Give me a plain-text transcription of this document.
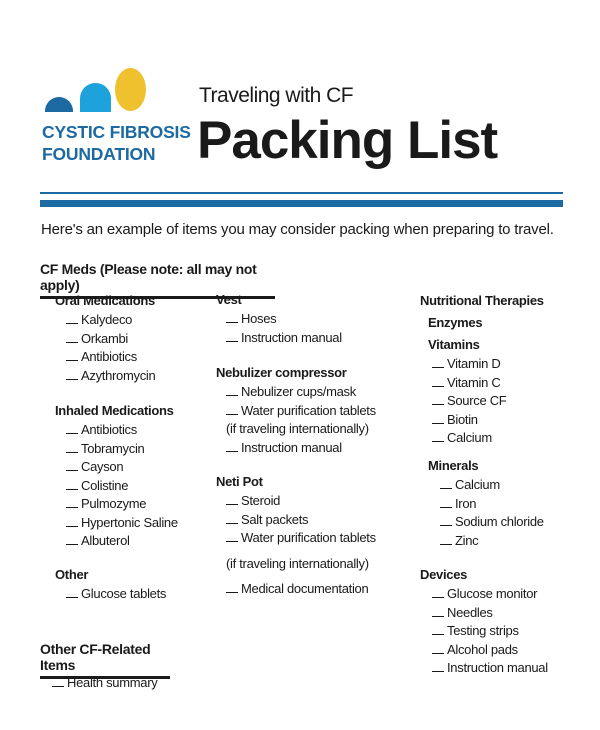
CYSTIC FIBROSIS
FOUNDATION
Traveling with CF
Packing List
Here's an example of items you may consider packing when preparing to travel.
CF Meds (Please note: all may not apply)
Other CF-Related Items
Oral Medications
Kalydeco
Orkambi
Antibiotics
Azythromycin
Inhaled Medications
Antibiotics
Tobramycin
Cayson
Colistine
Pulmozyme
Hypertonic Saline
Albuterol
Other
Glucose tablets
Health summary
Vest
Hoses
Instruction manual
Nebulizer compressor
Nebulizer cups/mask
Water purification tablets
(if traveling internationally)
Instruction manual
Neti Pot
Steroid
Salt packets
Water purification tablets
(if traveling internationally)
Medical documentation
Nutritional Therapies
Enzymes
Vitamins
Vitamin D
Vitamin C
Source CF
Biotin
Calcium
Minerals
Calcium
Iron
Sodium chloride
Zinc
Devices
Glucose monitor
Needles
Testing strips
Alcohol pads
Instruction manual
